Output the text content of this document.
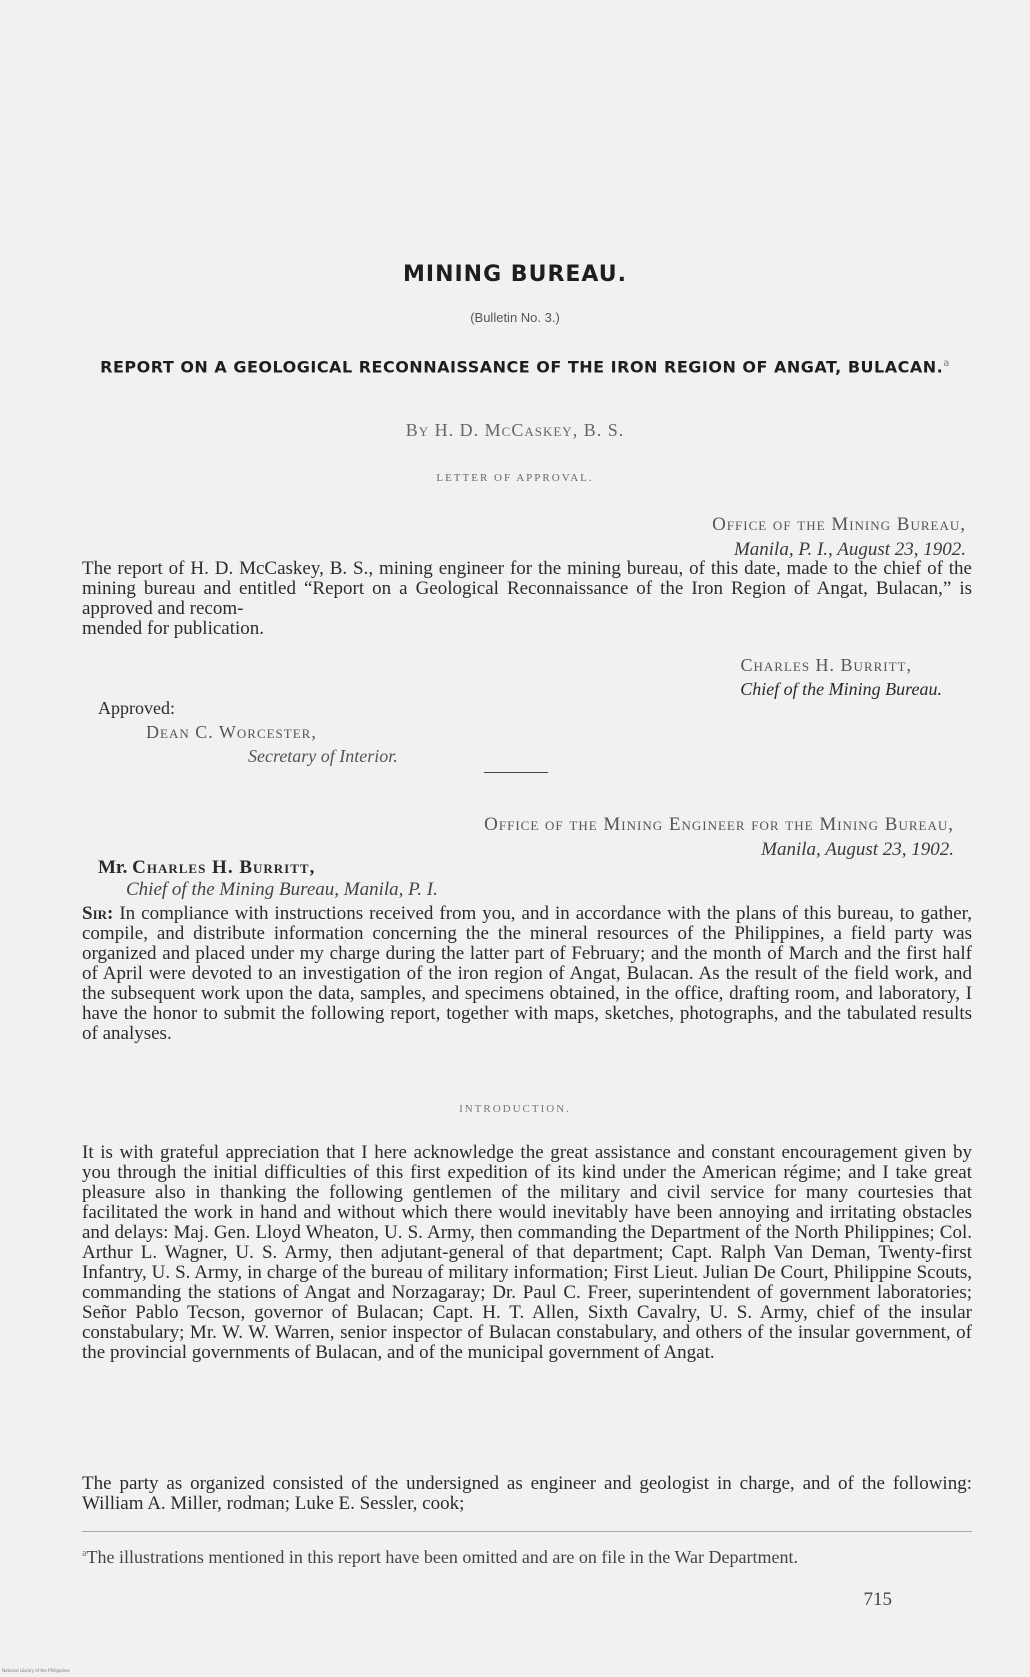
MINING BUREAU.
(Bulletin No. 3.)
REPORT ON A GEOLOGICAL RECONNAISSANCE OF THE IRON REGION OF ANGAT, BULACAN.$^a$
By H. D. McCaskey, B. S.
LETTER OF APPROVAL.
Office of the Mining Bureau,
Manila, P. I., August 23, 1902.
The report of H. D. McCaskey, B. S., mining engineer for the mining bureau, of this date, made to the chief of the mining bureau and entitled “Report on a Geological Reconnaissance of the Iron Region of Angat, Bulacan,” is approved and recom-
mended for publication.
Charles H. Burritt,
Chief of the Mining Bureau.
Approved:
Dean C. Worcester,
Secretary of Interior.
Office of the Mining Engineer for the Mining Bureau,
Manila, August 23, 1902.
Mr. Charles H. Burritt,
Chief of the Mining Bureau, Manila, P. I.
Sir: In compliance with instructions received from you, and in accordance with the plans of this bureau, to gather, compile, and distribute information concerning the the mineral resources of the Philippines, a field party was organized and placed under my charge during the latter part of February; and the month of March and the first half of April were devoted to an investigation of the iron region of Angat, Bulacan. As the result of the field work, and the subsequent work upon the data, samples, and specimens obtained, in the office, drafting room, and laboratory, I have the honor to submit the following report, together with maps, sketches, photographs, and the tabulated results of analyses.
INTRODUCTION.
It is with grateful appreciation that I here acknowledge the great assistance and constant encouragement given by you through the initial difficulties of this first expedition of its kind under the American régime; and I take great pleasure also in thanking the following gentlemen of the military and civil service for many courtesies that facilitated the work in hand and without which there would inevitably have been annoying and irritating obstacles and delays: Maj. Gen. Lloyd Wheaton, U. S. Army, then commanding the Department of the North Philippines; Col. Arthur L. Wagner, U. S. Army, then adjutant-general of that department; Capt. Ralph Van Deman, Twenty-first Infantry, U. S. Army, in charge of the bureau of military information; First Lieut. Julian De Court, Philippine Scouts, commanding the stations of Angat and Norzagaray; Dr. Paul C. Freer, superintendent of government laboratories; Señor Pablo Tecson, governor of Bulacan; Capt. H. T. Allen, Sixth Cavalry, U. S. Army, chief of the insular constabulary; Mr. W. W. Warren, senior inspector of Bulacan constabulary, and others of the insular government, of the provincial governments of Bulacan, and of the municipal government of Angat.
The party as organized consisted of the undersigned as engineer and geologist in charge, and of the following: William A. Miller, rodman; Luke E. Sessler, cook;
$^a$The illustrations mentioned in this report have been omitted and are on file in the War Department.
715
National Library of the Philippines
